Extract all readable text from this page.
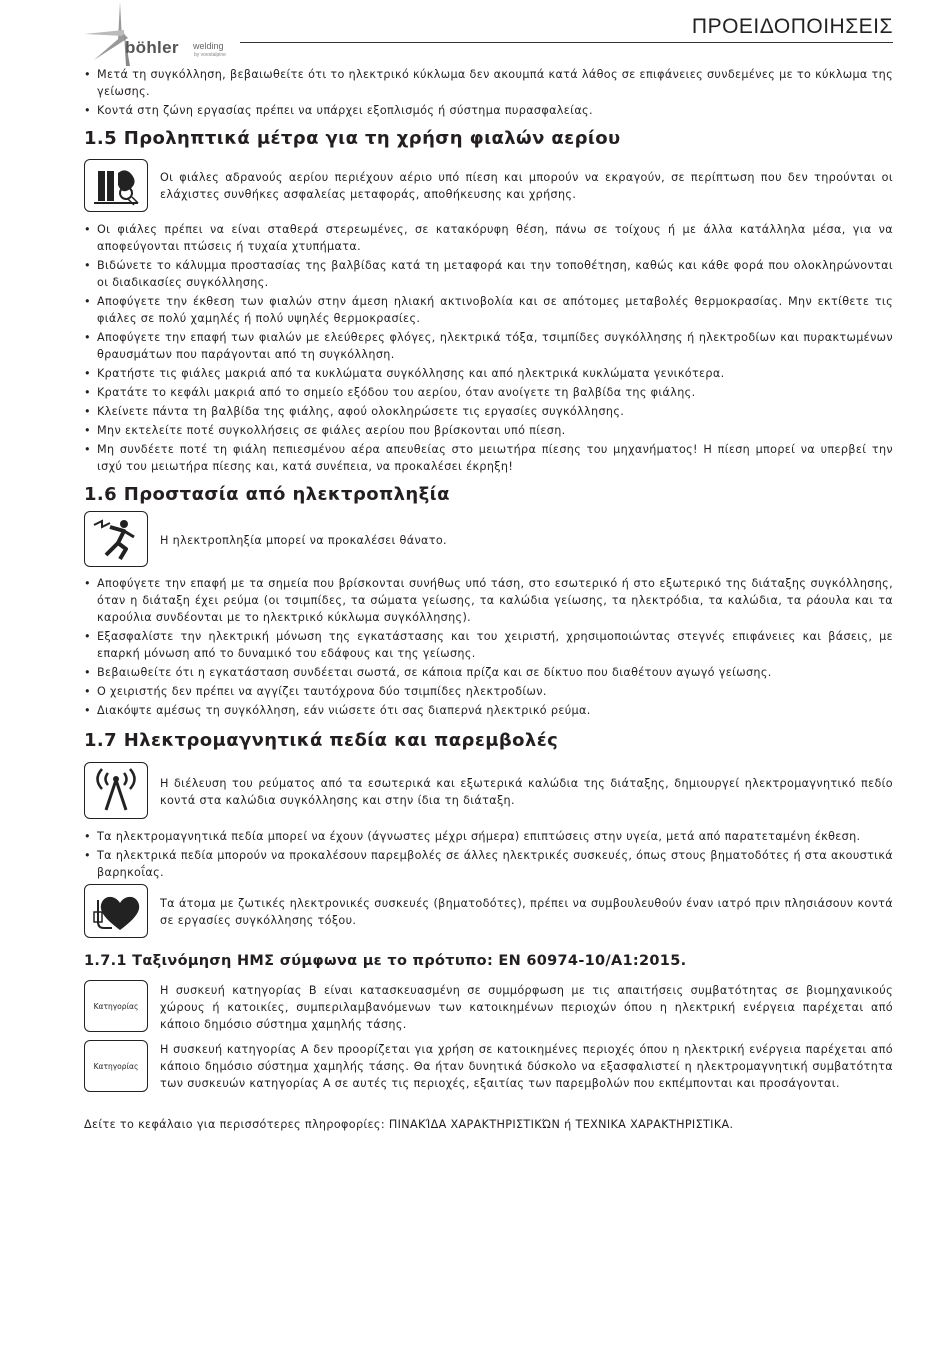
böhler welding
by voestalpine
ΠΡΟΕΙΔΟΠΟΙΗΣΕΙΣ
• Μετά τη συγκόλληση, βεβαιωθείτε ότι το ηλεκτρικό κύκλωμα δεν ακουμπά κατά λάθος σε επιφάνειες συνδεμένες με το κύκλωμα της γείωσης.
• Κοντά στη ζώνη εργασίας πρέπει να υπάρχει εξοπλισμός ή σύστημα πυρασφαλείας.
1.5 Προληπτικά μέτρα για τη χρήση φιαλών αερίου
Οι φιάλες αδρανούς αερίου περιέχουν αέριο υπό πίεση και μπορούν να εκραγούν, σε περίπτωση που δεν τηρούνται οι ελάχιστες συνθήκες ασφαλείας μεταφοράς, αποθήκευσης και χρήσης.
• Οι φιάλες πρέπει να είναι σταθερά στερεωμένες, σε κατακόρυφη θέση, πάνω σε τοίχους ή με άλλα κατάλληλα μέσα, για να αποφεύγονται πτώσεις ή τυχαία χτυπήματα.
• Βιδώνετε το κάλυμμα προστασίας της βαλβίδας κατά τη μεταφορά και την τοποθέτηση, καθώς και κάθε φορά που ολοκληρώνονται οι διαδικασίες συγκόλλησης.
• Αποφύγετε την έκθεση των φιαλών στην άμεση ηλιακή ακτινοβολία και σε απότομες μεταβολές θερμοκρασίας. Μην εκτίθετε τις φιάλες σε πολύ χαμηλές ή πολύ υψηλές θερμοκρασίες.
• Αποφύγετε την επαφή των φιαλών με ελεύθερες φλόγες, ηλεκτρικά τόξα, τσιμπίδες συγκόλλησης ή ηλεκτροδίων και πυρακτωμένων θραυσμάτων που παράγονται από τη συγκόλληση.
• Κρατήστε τις φιάλες μακριά από τα κυκλώματα συγκόλλησης και από ηλεκτρικά κυκλώματα γενικότερα.
• Κρατάτε το κεφάλι μακριά από το σημείο εξόδου του αερίου, όταν ανοίγετε τη βαλβίδα της φιάλης.
• Κλείνετε πάντα τη βαλβίδα της φιάλης, αφού ολοκληρώσετε τις εργασίες συγκόλλησης.
• Μην εκτελείτε ποτέ συγκολλήσεις σε φιάλες αερίου που βρίσκονται υπό πίεση.
• Μη συνδέετε ποτέ τη φιάλη πεπιεσμένου αέρα απευθείας στο μειωτήρα πίεσης του μηχανήματος! Η πίεση μπορεί να υπερβεί την ισχύ του μειωτήρα πίεσης και, κατά συνέπεια, να προκαλέσει έκρηξη!
1.6 Προστασία από ηλεκτροπληξία
Η ηλεκτροπληξία μπορεί να προκαλέσει θάνατο.
• Αποφύγετε την επαφή με τα σημεία που βρίσκονται συνήθως υπό τάση, στο εσωτερικό ή στο εξωτερικό της διάταξης συγκόλλησης, όταν η διάταξη έχει ρεύμα (οι τσιμπίδες, τα σώματα γείωσης, τα καλώδια γείωσης, τα ηλεκτρόδια, τα καλώδια, τα ράουλα και τα καρούλια συνδέονται με το ηλεκτρικό κύκλωμα συγκόλλησης).
• Εξασφαλίστε την ηλεκτρική μόνωση της εγκατάστασης και του χειριστή, χρησιμοποιώντας στεγνές επιφάνειες και βάσεις, με επαρκή μόνωση από το δυναμικό του εδάφους και της γείωσης.
• Βεβαιωθείτε ότι η εγκατάσταση συνδέεται σωστά, σε κάποια πρίζα και σε δίκτυο που διαθέτουν αγωγό γείωσης.
• Ο χειριστής δεν πρέπει να αγγίζει ταυτόχρονα δύο τσιμπίδες ηλεκτροδίων.
• Διακόψτε αμέσως τη συγκόλληση, εάν νιώσετε ότι σας διαπερνά ηλεκτρικό ρεύμα.
1.7 Ηλεκτρομαγνητικά πεδία και παρεμβολές
Η διέλευση του ρεύματος από τα εσωτερικά και εξωτερικά καλώδια της διάταξης, δημιουργεί ηλεκτρομαγνητικό πεδίο κοντά στα καλώδια συγκόλλησης και στην ίδια τη διάταξη.
• Τα ηλεκτρομαγνητικά πεδία μπορεί να έχουν (άγνωστες μέχρι σήμερα) επιπτώσεις στην υγεία, μετά από παρατεταμένη έκθεση.
• Τα ηλεκτρικά πεδία μπορούν να προκαλέσουν παρεμβολές σε άλλες ηλεκτρικές συσκευές, όπως στους βηματοδότες ή στα ακουστικά βαρηκοΐας.
Τα άτομα με ζωτικές ηλεκτρονικές συσκευές (βηματοδότες), πρέπει να συμβουλευθούν έναν ιατρό πριν πλησιάσουν κοντά σε εργασίες συγκόλλησης τόξου.
1.7.1 Ταξινόμηση ΗΜΣ σύμφωνα με το πρότυπο: EN 60974-10/A1:2015.
Κατηγορίας
Η συσκευή κατηγορίας B είναι κατασκευασμένη σε συμμόρφωση με τις απαιτήσεις συμβατότητας σε βιομηχανικούς χώρους ή κατοικίες, συμπεριλαμβανόμενων των κατοικημένων περιοχών όπου η ηλεκτρική ενέργεια παρέχεται από κάποιο δημόσιο σύστημα χαμηλής τάσης.
Κατηγορίας
Η συσκευή κατηγορίας A δεν προορίζεται για χρήση σε κατοικημένες περιοχές όπου η ηλεκτρική ενέργεια παρέχεται από κάποιο δημόσιο σύστημα χαμηλής τάσης. Θα ήταν δυνητικά δύσκολο να εξασφαλιστεί η ηλεκτρομαγνητική συμβατότητα των συσκευών κατηγορίας A σε αυτές τις περιοχές, εξαιτίας των παρεμβολών που εκπέμπονται και προσάγονται.
Δείτε το κεφάλαιο για περισσότερες πληροφορίες: ΠΙΝΑΚΊΔΑ ΧΑΡΑΚΤΗΡΙΣΤΙΚΏΝ ή ΤΕΧΝΙΚΑ ΧΑΡΑΚΤΗΡΙΣΤΙΚΑ.
